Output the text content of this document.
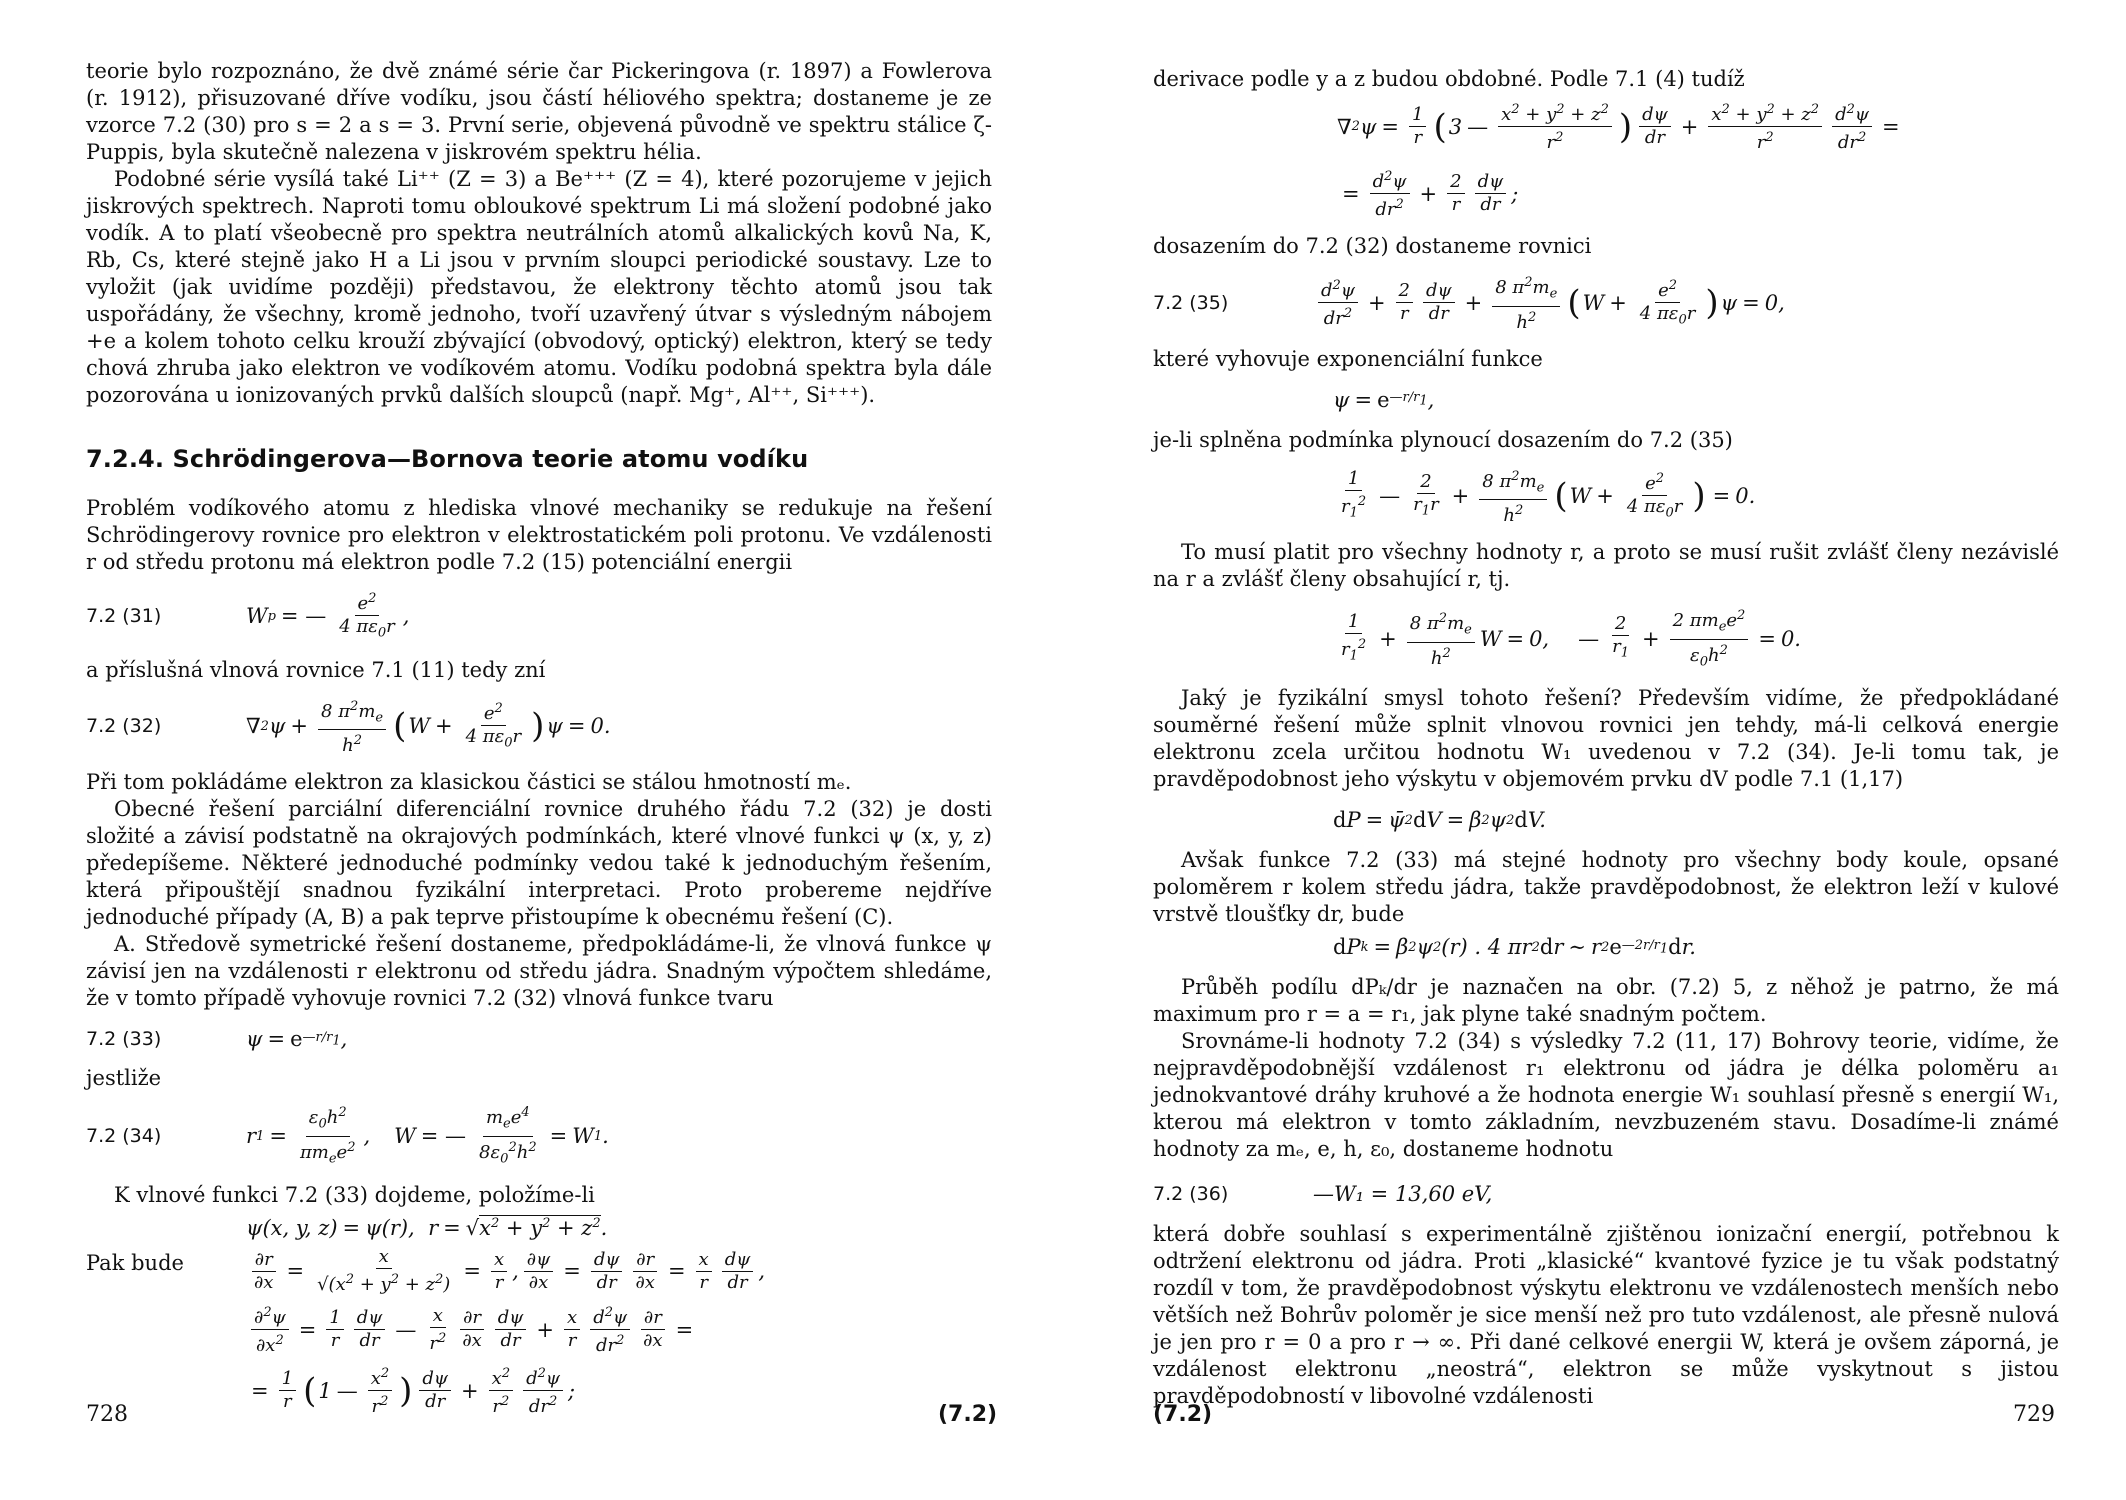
teorie bylo rozpoznáno, že dvě známé série čar Pickeringova (r. 1897) a Fowlerova (r. 1912), přisuzované dříve vodíku, jsou částí héliového spektra; dostaneme je ze vzorce 7.2 (30) pro s = 2 a s = 3. První serie, objevená původně ve spektru stálice ζ-Puppis, byla skutečně nalezena v jiskrovém spektru hélia.

Podobné série vysílá také Li⁺⁺ (Z = 3) a Be⁺⁺⁺ (Z = 4), které pozorujeme v jejich jiskrových spektrech. Naproti tomu obloukové spektrum Li má složení podobné jako vodík. A to platí všeobecně pro spektra neutrálních atomů alkalických kovů Na, K, Rb, Cs, které stejně jako H a Li jsou v prvním sloupci periodické soustavy. Lze to vyložit (jak uvidíme později) představou, že elektrony těchto atomů jsou tak uspořádány, že všechny, kromě jednoho, tvoří uzavřený útvar s výsledným nábojem +e a kolem tohoto celku krouží zbývající (obvodový, optický) elektron, který se tedy chová zhruba jako elektron ve vodíkovém atomu. Vodíku podobná spektra byla dále pozorována u ionizovaných prvků dalších sloupců (např. Mg⁺, Al⁺⁺, Si⁺⁺⁺).

7.2.4. Schrödingerova—Bornova teorie atomu vodíku

Problém vodíkového atomu z hlediska vlnové mechaniky se redukuje na řešení Schrödingerovy rovnice pro elektron v elektrostatickém poli protonu. Ve vzdálenosti r od středu protonu má elektron podle 7.2 (15) potenciální energii

7.2 (31)	W p = — $\frac{e^2}{4 \pi\varepsilon_0r}$ ,

a příslušná vlnová rovnice 7.1 (11) tedy zní

7.2 (32)	∇ 2 $\psi + \frac{8 \pi^2m_e}{h^2}$ ( $W + \frac{e^2}{4 \pi\varepsilon_0r}$ ) ψ = 0.

Při tom pokládáme elektron za klasickou částici se stálou hmotností mₑ.

Obecné řešení parciální diferenciální rovnice druhého řádu 7.2 (32) je dosti složité a závisí podstatně na okrajových podmínkách, které vlnové funkci ψ (x, y, z) předepíšeme. Některé jednoduché podmínky vedou také k jednoduchým řešením, která připouštějí snadnou fyzikální interpretaci. Proto probereme nejdříve jednoduché případy (A, B) a pak teprve přistoupíme k obecnému řešení (C).

A. Středově symetrické řešení dostaneme, předpokládáme-li, že vlnová funkce ψ závisí jen na vzdálenosti r elektronu od středu jádra. Snadným výpočtem shledáme, že v tomto případě vyhovuje rovnici 7.2 (32) vlnová funkce tvaru

7.2 (33)	ψ = e $—r/r_1$ ,
jestliže
7.2 (34)	r $1 = \frac{\varepsilon_0h^2}{\pi m_ee^2}$ ,
W = — $\frac{m_ee^4}{8\varepsilon_0^2h^2} = W$ 1 .

K vlnové funkci 7.2 (33) dojdeme, položíme-li

Pak bude
ψ(x, y, z) = ψ(r),  r = √ $x^2 + y^2 + z^2$ .
$\frac{\partial r}{\partial x} = \frac{x}{√(x^2 + y^2 + z^2)} = \frac{x}{r}$ , $\frac{\partial\psi}{\partial x} = \frac{d\psi}{dr} \frac{\partial r}{\partial x} = \frac{x}{r} \frac{d\psi}{dr}$ ,
$\frac{\partial^2\psi}{\partial x^2} = \frac{1}{r} \frac{d\psi}{dr}$ — $\frac{x}{r^2} \frac{\partial r}{\partial x} \frac{d\psi}{dr} + \frac{x}{r} \frac{d^2\psi}{dr^2} \frac{\partial r}{\partial x}$ =
= $\frac{1}{r}$ ( 1 — $\frac{x^2}{r^2}$ ) $\frac{d\psi}{dr} + \frac{x^2}{r^2} \frac{d^2\psi}{dr^2}$ ;
728	(7.2)

derivace podle y a z budou obdobné. Podle 7.1 (4) tudíž

∇ 2 $\psi = \frac{1}{r}$ ( 3 — $\frac{x^2 + y^2 + z^2}{r^2}$ ) $\frac{d\psi}{dr} + \frac{x^2 + y^2 + z^2}{r^2} \frac{d^2\psi}{dr^2}$ =
= $\frac{d^2\psi}{dr^2} + \frac{2}{r} \frac{d\psi}{dr}$ ;

dosazením do 7.2 (32) dostaneme rovnici

7.2 (35)	$\frac{d^2\psi}{dr^2} + \frac{2}{r} \frac{d\psi}{dr} + \frac{8 \pi^2m_e}{h^2}$ ( $W + \frac{e^2}{4 \pi\varepsilon_0r}$ ) ψ = 0,

které vyhovuje exponenciální funkce

ψ = e $—r/r_1$ ,

je-li splněna podmínka plynoucí dosazením do 7.2 (35)

$\frac{1}{r_1^2}$ — $\frac{2}{r_1r} + \frac{8 \pi^2m_e}{h^2}$ ( $W + \frac{e^2}{4 \pi\varepsilon_0r}$ ) = 0.

To musí platit pro všechny hodnoty r, a proto se musí rušit zvlášť členy nezávislé na r a zvlášť členy obsahující r, tj.

$\frac{1}{r_1^2} + \frac{8 \pi^2m_e}{h^2}$ W = 0, — $\frac{2}{r_1} + \frac{2 \pi m_ee^2}{\varepsilon_0h^2} = 0$.

Jaký je fyzikální smysl tohoto řešení? Především vidíme, že předpokládané souměrné řešení může splnit vlnovou rovnici jen tehdy, má-li celková energie elektronu zcela určitou hodnotu W₁ uvedenou v 7.2 (34). Je-li tomu tak, je pravděpodobnost jeho výskytu v objemovém prvku dV podle 7.1 (1,17)

d P = ψ̄ 2 d V = β 2 ψ 2 d V.

Avšak funkce 7.2 (33) má stejné hodnoty pro všechny body koule, opsané poloměrem r kolem středu jádra, takže pravděpodobnost, že elektron leží v kulové vrstvě tloušťky dr, bude

d P k = β 2 ψ 2 (r) . 4 πr 2 d r ∼ r 2 e $—2r/r_1$ d r.

Průběh podílu dPₖ/dr je naznačen na obr. (7.2) 5, z něhož je patrno, že má maximum pro r = a = r₁, jak plyne také snadným počtem.

Srovnáme-li hodnoty 7.2 (34) s výsledky 7.2 (11, 17) Bohrovy teorie, vidíme, že nejpravděpodobnější vzdálenost r₁ elektronu od jádra je délka poloměru a₁ jednokvantové dráhy kruhové a že hodnota energie W₁ souhlasí přesně s energií W₁, kterou má elektron v tomto základním, nevzbuzeném stavu. Dosadíme-li známé hodnoty za mₑ, e, h, ε₀, dostaneme hodnotu

7.2 (36)	—W₁ = 13,60 eV,

která dobře souhlasí s experimentálně zjištěnou ionizační energií, potřebnou k odtržení elektronu od jádra. Proti „klasické“ kvantové fyzice je tu však podstatný rozdíl v tom, že pravděpodobnost výskytu elektronu ve vzdálenostech menších nebo větších než Bohrův poloměr je sice menší než pro tuto vzdálenost, ale přesně nulová je jen pro r = 0 a pro r → ∞. Při dané celkové energii W, která je ovšem záporná, je vzdálenost elektronu „neostrá“, elektron se může vyskytnout s jistou pravděpodobností v libovolné vzdálenosti

(7.2)	729
